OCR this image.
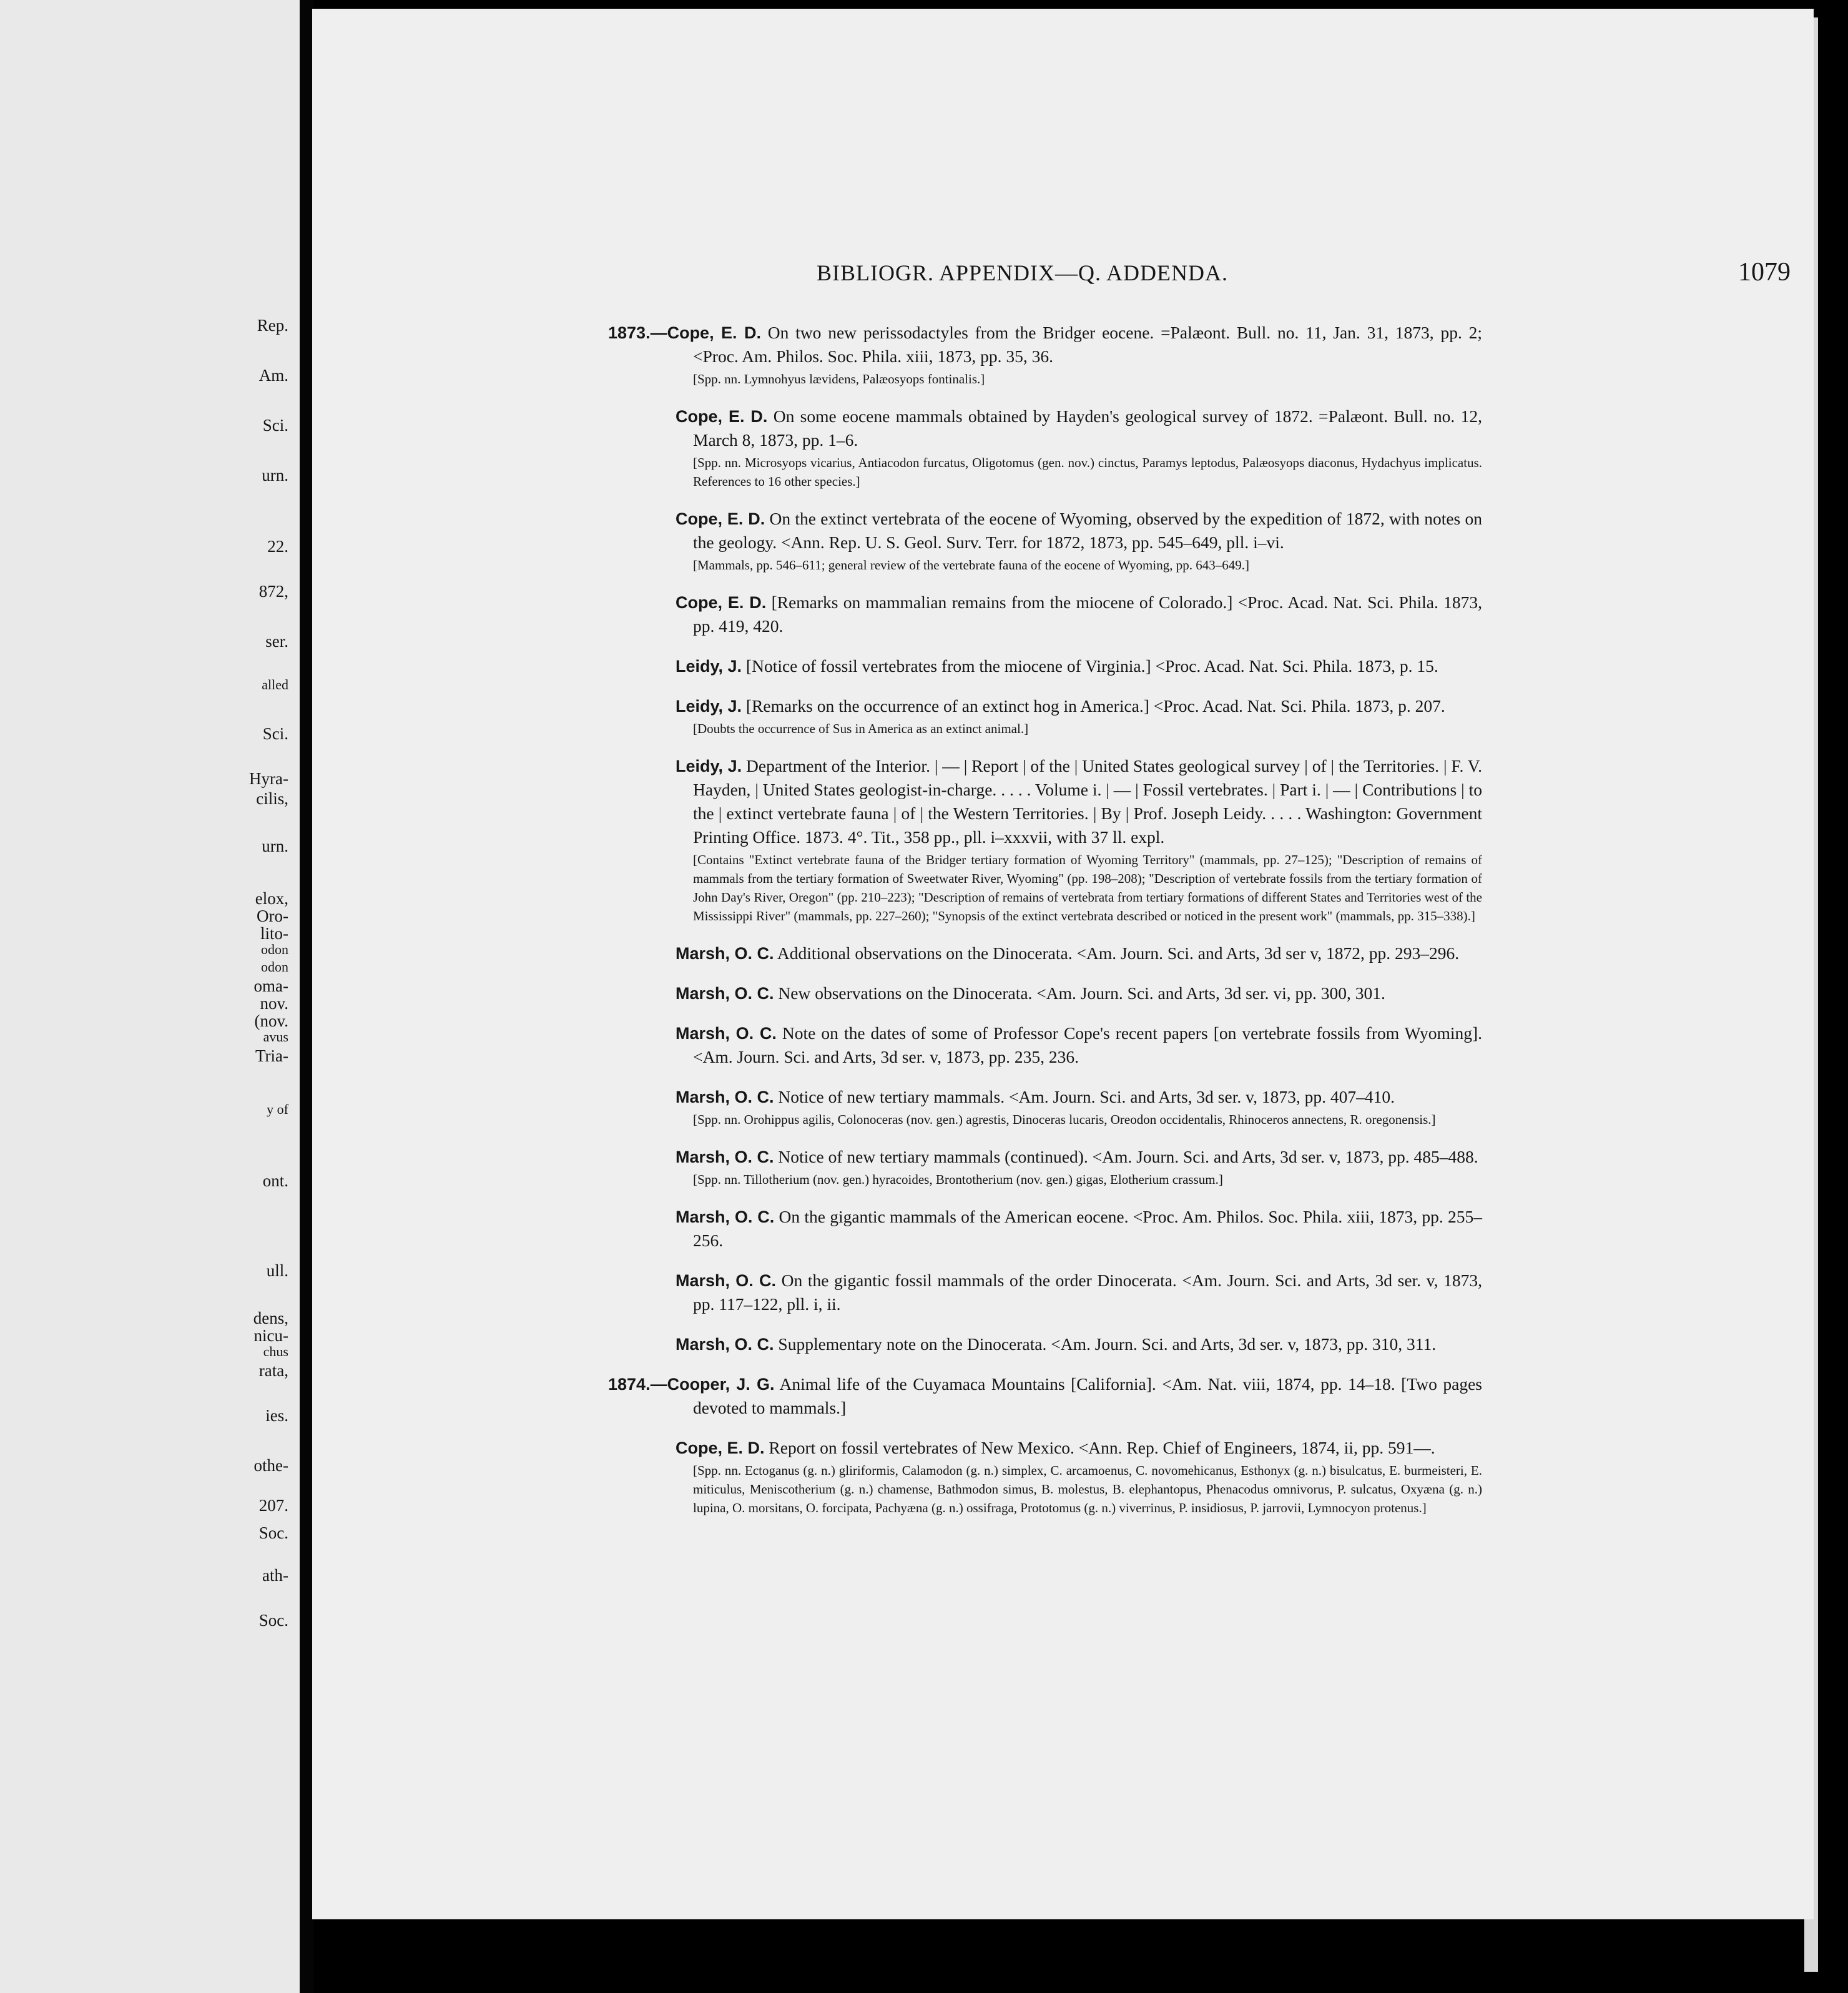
Rep.
Am.
Sci.
urn.
22.
872,
ser.
alled
Sci.
Hyra-
cilis,
urn.
elox,
Oro-
lito-
odon
odon
oma-
nov.
(nov.
avus
Tria-
y of
ont.
ull.
dens,
nicu-
chus
rata,
ies.
othe-
207.
Soc.
ath-
Soc.
BIBLIOGR. APPENDIX—Q. ADDENDA.	1079
1873.—Cope, E. D. On two new perissodactyles from the Bridger eocene. =Palæont. Bull. no. 11, Jan. 31, 1873, pp. 2; <Proc. Am. Philos. Soc. Phila. xiii, 1873, pp. 35, 36.
[Spp. nn. Lymnohyus lævidens, Palæosyops fontinalis.]
Cope, E. D. On some eocene mammals obtained by Hayden's geological survey of 1872. =Palæont. Bull. no. 12, March 8, 1873, pp. 1–6.
[Spp. nn. Microsyops vicarius, Antiacodon furcatus, Oligotomus (gen. nov.) cinctus, Paramys leptodus, Palæosyops diaconus, Hydachyus implicatus. References to 16 other species.]
Cope, E. D. On the extinct vertebrata of the eocene of Wyoming, observed by the expedition of 1872, with notes on the geology. <Ann. Rep. U. S. Geol. Surv. Terr. for 1872, 1873, pp. 545–649, pll. i–vi.
[Mammals, pp. 546–611; general review of the vertebrate fauna of the eocene of Wyoming, pp. 643–649.]
Cope, E. D. [Remarks on mammalian remains from the miocene of Colorado.] <Proc. Acad. Nat. Sci. Phila. 1873, pp. 419, 420.
Leidy, J. [Notice of fossil vertebrates from the miocene of Virginia.] <Proc. Acad. Nat. Sci. Phila. 1873, p. 15.
Leidy, J. [Remarks on the occurrence of an extinct hog in America.] <Proc. Acad. Nat. Sci. Phila. 1873, p. 207.
[Doubts the occurrence of Sus in America as an extinct animal.]
Leidy, J. Department of the Interior. | — | Report | of the | United States geological survey | of | the Territories. | F. V. Hayden, | United States geologist-in-charge. . . . . Volume i. | — | Fossil vertebrates. | Part i. | — | Contributions | to the | extinct vertebrate fauna | of | the Western Territories. | By | Prof. Joseph Leidy. . . . . Washington: Government Printing Office. 1873. 4°. Tit., 358 pp., pll. i–xxxvii, with 37 ll. expl.
[Contains "Extinct vertebrate fauna of the Bridger tertiary formation of Wyoming Territory" (mammals, pp. 27–125); "Description of remains of mammals from the tertiary formation of Sweetwater River, Wyoming" (pp. 198–208); "Description of vertebrate fossils from the tertiary formation of John Day's River, Oregon" (pp. 210–223); "Description of remains of vertebrata from tertiary formations of different States and Territories west of the Mississippi River" (mammals, pp. 227–260); "Synopsis of the extinct vertebrata described or noticed in the present work" (mammals, pp. 315–338).]
Marsh, O. C. Additional observations on the Dinocerata. <Am. Journ. Sci. and Arts, 3d ser v, 1872, pp. 293–296.
Marsh, O. C. New observations on the Dinocerata. <Am. Journ. Sci. and Arts, 3d ser. vi, pp. 300, 301.
Marsh, O. C. Note on the dates of some of Professor Cope's recent papers [on vertebrate fossils from Wyoming]. <Am. Journ. Sci. and Arts, 3d ser. v, 1873, pp. 235, 236.
Marsh, O. C. Notice of new tertiary mammals. <Am. Journ. Sci. and Arts, 3d ser. v, 1873, pp. 407–410.
[Spp. nn. Orohippus agilis, Colonoceras (nov. gen.) agrestis, Dinoceras lucaris, Oreodon occidentalis, Rhinoceros annectens, R. oregonensis.]
Marsh, O. C. Notice of new tertiary mammals (continued). <Am. Journ. Sci. and Arts, 3d ser. v, 1873, pp. 485–488.
[Spp. nn. Tillotherium (nov. gen.) hyracoides, Brontotherium (nov. gen.) gigas, Elotherium crassum.]
Marsh, O. C. On the gigantic mammals of the American eocene. <Proc. Am. Philos. Soc. Phila. xiii, 1873, pp. 255–256.
Marsh, O. C. On the gigantic fossil mammals of the order Dinocerata. <Am. Journ. Sci. and Arts, 3d ser. v, 1873, pp. 117–122, pll. i, ii.
Marsh, O. C. Supplementary note on the Dinocerata. <Am. Journ. Sci. and Arts, 3d ser. v, 1873, pp. 310, 311.
1874.—Cooper, J. G. Animal life of the Cuyamaca Mountains [California]. <Am. Nat. viii, 1874, pp. 14–18. [Two pages devoted to mammals.]
Cope, E. D. Report on fossil vertebrates of New Mexico. <Ann. Rep. Chief of Engineers, 1874, ii, pp. 591—.
[Spp. nn. Ectoganus (g. n.) gliriformis, Calamodon (g. n.) simplex, C. arcamoenus, C. novomehicanus, Esthonyx (g. n.) bisulcatus, E. burmeisteri, E. miticulus, Meniscotherium (g. n.) chamense, Bathmodon simus, B. molestus, B. elephantopus, Phenacodus omnivorus, P. sulcatus, Oxyæna (g. n.) lupina, O. morsitans, O. forcipata, Pachyæna (g. n.) ossifraga, Prototomus (g. n.) viverrinus, P. insidiosus, P. jarrovii, Lymnocyon protenus.]
